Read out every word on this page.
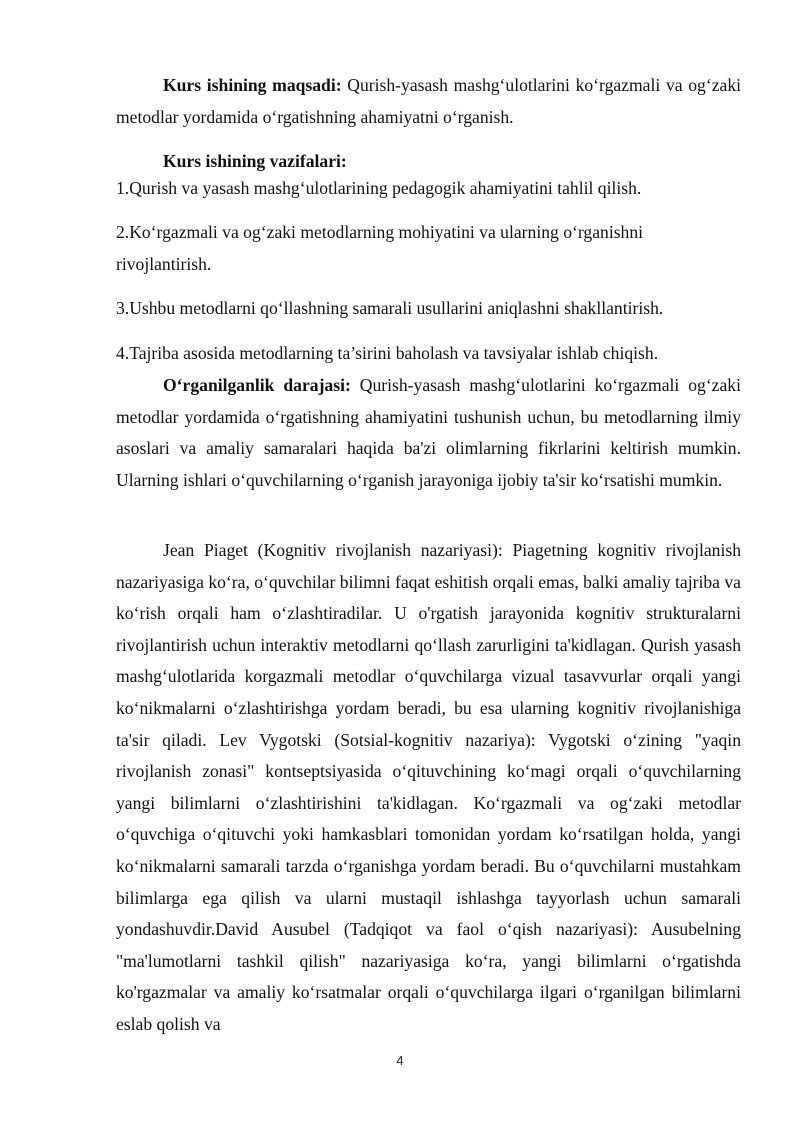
Kurs ishining maqsadi: Qurish-yasash mashg‘ulotlarini ko‘rgazmali va og‘zaki metodlar yordamida o‘rgatishning ahamiyatni o‘rganish.

Kurs ishining vazifalari:

1.Qurish va yasash mashg‘ulotlarining pedagogik ahamiyatini tahlil qilish.

2.Ko‘rgazmali va og‘zaki metodlarning mohiyatini va ularning o‘rganishni rivojlantirish.

3.Ushbu metodlarni qo‘llashning samarali usullarini aniqlashni shakllantirish.

4.Tajriba asosida metodlarning ta’sirini baholash va tavsiyalar ishlab chiqish.

O‘rganilganlik darajasi: Qurish-yasash mashg‘ulotlarini ko‘rgazmali og‘zaki metodlar yordamida o‘rgatishning ahamiyatini tushunish uchun, bu metodlarning ilmiy asoslari va amaliy samaralari haqida ba'zi olimlarning fikrlarini keltirish mumkin. Ularning ishlari o‘quvchilarning o‘rganish jarayoniga ijobiy ta'sir ko‘rsatishi mumkin.

Jean Piaget (Kognitiv rivojlanish nazariyasi): Piagetning kognitiv rivojlanish nazariyasiga ko‘ra, o‘quvchilar bilimni faqat eshitish orqali emas, balki amaliy tajriba va ko‘rish orqali ham o‘zlashtiradilar. U o'rgatish jarayonida kognitiv strukturalarni rivojlantirish uchun interaktiv metodlarni qo‘llash zarurligini ta'kidlagan. Qurish yasash mashg‘ulotlarida korgazmali metodlar o‘quvchilarga vizual tasavvurlar orqali yangi ko‘nikmalarni o‘zlashtirishga yordam beradi, bu esa ularning kognitiv rivojlanishiga ta'sir qiladi. Lev Vygotski (Sotsial-kognitiv nazariya): Vygotski o‘zining "yaqin rivojlanish zonasi" kontseptsiyasida o‘qituvchining ko‘magi orqali o‘quvchilarning yangi bilimlarni o‘zlashtirishini ta'kidlagan. Ko‘rgazmali va og‘zaki metodlar o‘quvchiga o‘qituvchi yoki hamkasblari tomonidan yordam ko‘rsatilgan holda, yangi ko‘nikmalarni samarali tarzda o‘rganishga yordam beradi. Bu o‘quvchilarni mustahkam bilimlarga ega qilish va ularni mustaqil ishlashga tayyorlash uchun samarali yondashuvdir.David Ausubel (Tadqiqot va faol o‘qish nazariyasi): Ausubelning "ma'lumotlarni tashkil qilish" nazariyasiga ko‘ra, yangi bilimlarni o‘rgatishda ko'rgazmalar va amaliy ko‘rsatmalar orqali o‘quvchilarga ilgari o‘rganilgan bilimlarni eslab qolish va

4
